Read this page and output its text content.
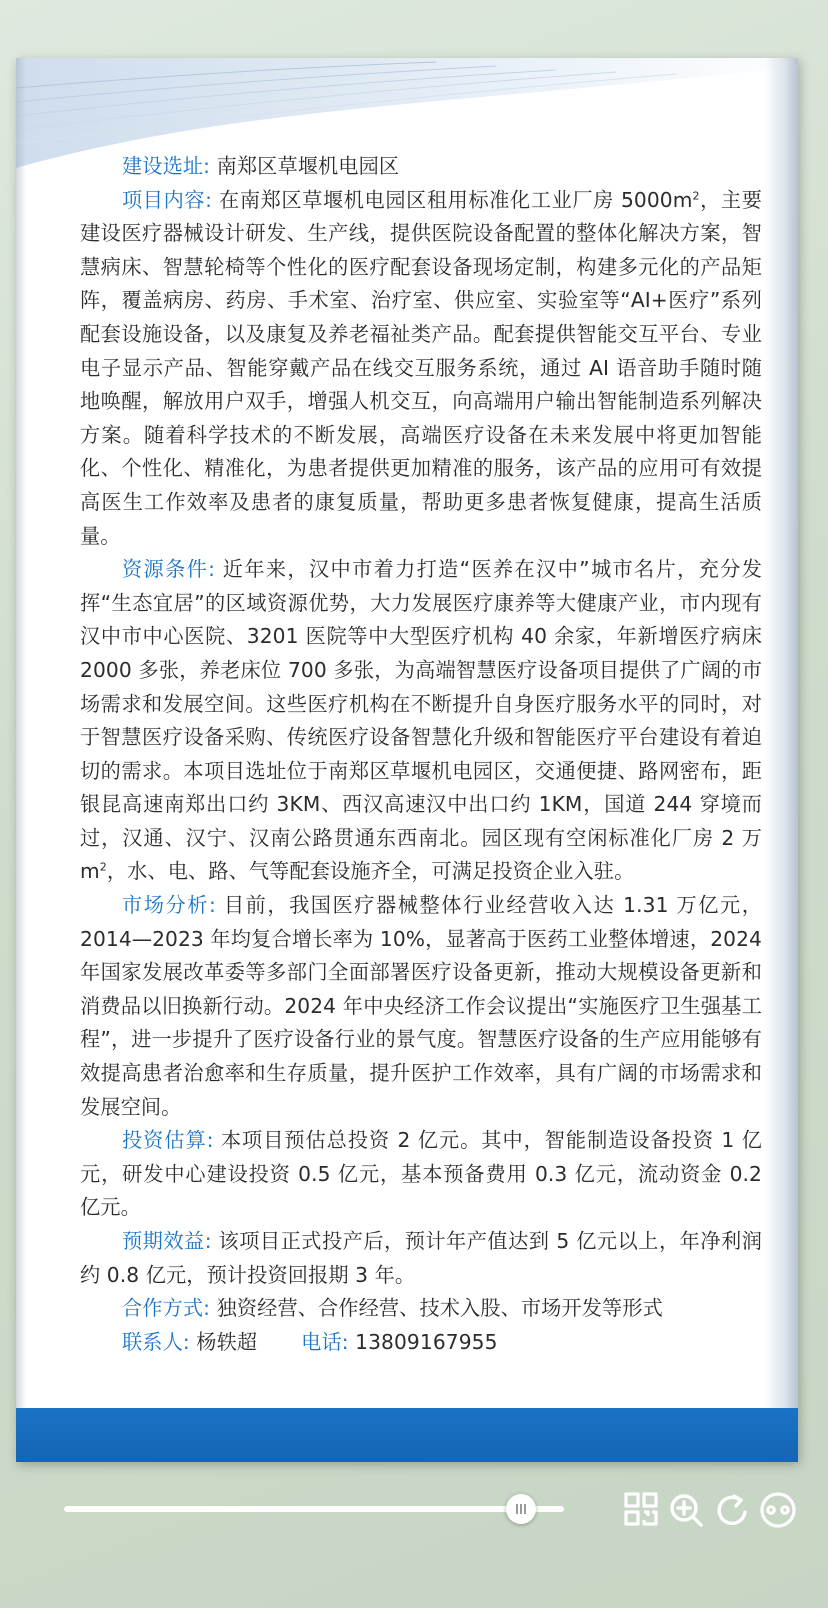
建设选址: 南郑区草堰机电园区

项目内容: 在南郑区草堰机电园区租用标准化工业厂房 $5000m^2$，主要建设医疗器械设计研发、生产线，提供医院设备配置的整体化解决方案，智慧病床、智慧轮椅等个性化的医疗配套设备现场定制，构建多元化的产品矩阵，覆盖病房、药房、手术室、治疗室、供应室、实验室等“AI+医疗”系列配套设施设备，以及康复及养老福祉类产品。配套提供智能交互平台、专业电子显示产品、智能穿戴产品在线交互服务系统，通过 AI 语音助手随时随地唤醒，解放用户双手，增强人机交互，向高端用户输出智能制造系列解决方案。随着科学技术的不断发展，高端医疗设备在未来发展中将更加智能化、个性化、精准化，为患者提供更加精准的服务，该产品的应用可有效提高医生工作效率及患者的康复质量，帮助更多患者恢复健康，提高生活质量。

资源条件: 近年来，汉中市着力打造“医养在汉中”城市名片，充分发挥“生态宜居”的区域资源优势，大力发展医疗康养等大健康产业，市内现有汉中市中心医院、3201 医院等中大型医疗机构 40 余家，年新增医疗病床 2000 多张，养老床位 700 多张，为高端智慧医疗设备项目提供了广阔的市场需求和发展空间。这些医疗机构在不断提升自身医疗服务水平的同时，对于智慧医疗设备采购、传统医疗设备智慧化升级和智能医疗平台建设有着迫切的需求。本项目选址位于南郑区草堰机电园区，交通便捷、路网密布，距银昆高速南郑出口约 3KM、西汉高速汉中出口约 1KM，国道 244 穿境而过，汉通、汉宁、汉南公路贯通东西南北。园区现有空闲标准化厂房 2 万 $m^2$，水、电、路、气等配套设施齐全，可满足投资企业入驻。

市场分析: 目前，我国医疗器械整体行业经营收入达 1.31 万亿元，2014—2023 年均复合增长率为 10%，显著高于医药工业整体增速，2024 年国家发展改革委等多部门全面部署医疗设备更新，推动大规模设备更新和消费品以旧换新行动。2024 年中央经济工作会议提出“实施医疗卫生强基工程”，进一步提升了医疗设备行业的景气度。智慧医疗设备的生产应用能够有效提高患者治愈率和生存质量，提升医护工作效率，具有广阔的市场需求和发展空间。

投资估算: 本项目预估总投资 2 亿元。其中，智能制造设备投资 1 亿元，研发中心建设投资 0.5 亿元，基本预备费用 0.3 亿元，流动资金 0.2 亿元。

预期效益: 该项目正式投产后，预计年产值达到 5 亿元以上，年净利润约 0.8 亿元，预计投资回报期 3 年。

合作方式: 独资经营、合作经营、技术入股、市场开发等形式

联系人: 杨轶超 电话: 13809167955
